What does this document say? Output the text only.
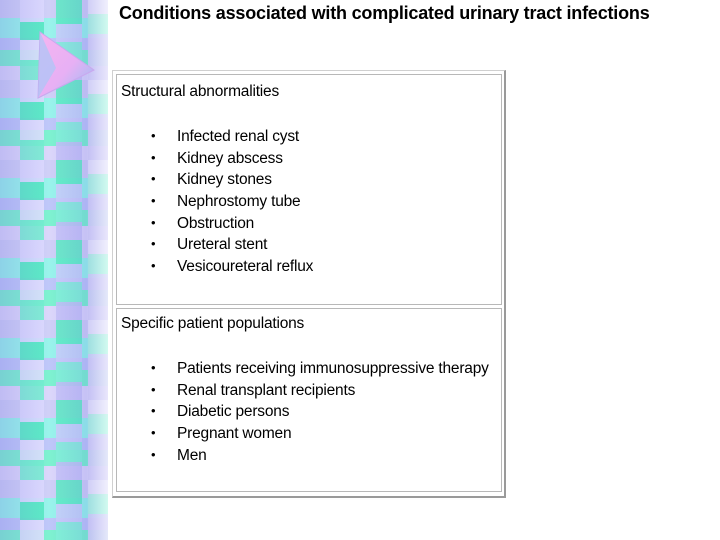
Conditions associated with complicated urinary tract infections
Structural abnormalities
• Infected renal cyst
• Kidney abscess
• Kidney stones
• Nephrostomy tube
• Obstruction
• Ureteral stent
• Vesicoureteral reflux
Specific patient populations
• Patients receiving immunosuppressive therapy
• Renal transplant recipients
• Diabetic persons
• Pregnant women
• Men
